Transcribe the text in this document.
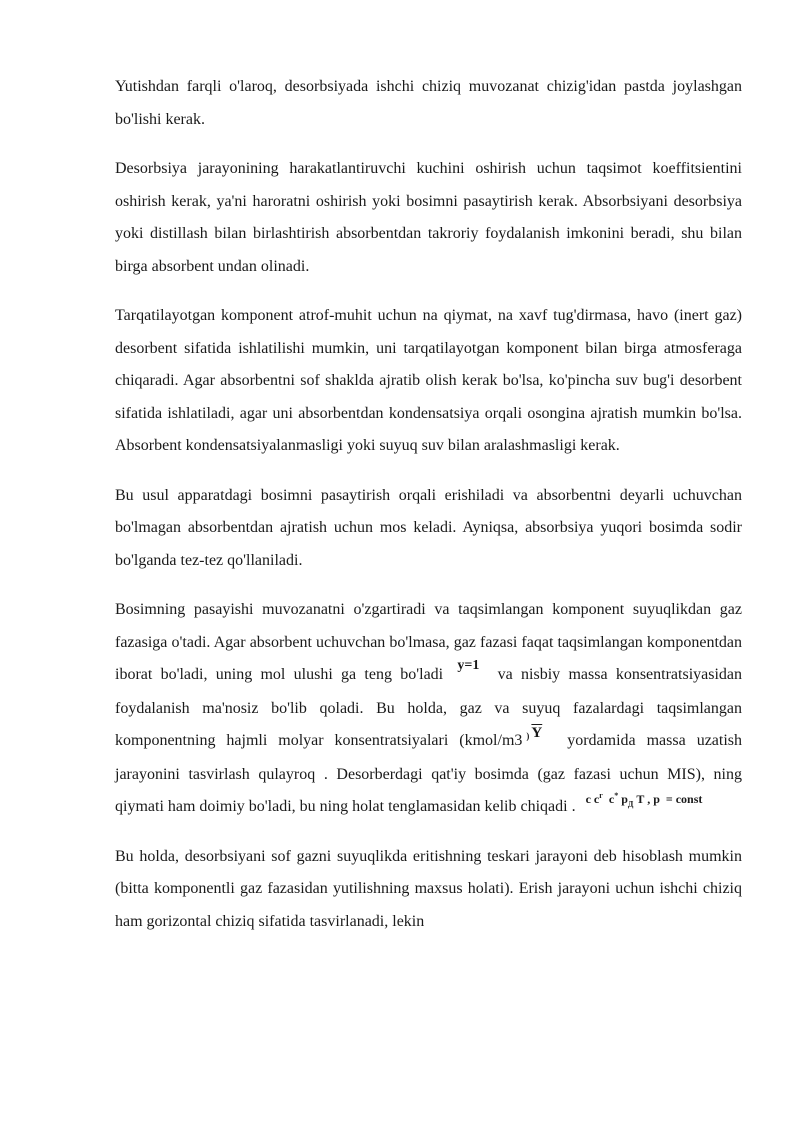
Yutishdan farqli o'laroq, desorbsiyada ishchi chiziq muvozanat chizig'idan pastda joylashgan bo'lishi kerak.

Desorbsiya jarayonining harakatlantiruvchi kuchini oshirish uchun taqsimot koeffitsientini oshirish kerak, ya'ni haroratni oshirish yoki bosimni pasaytirish kerak. Absorbsiyani desorbsiya yoki distillash bilan birlashtirish absorbentdan takroriy foydalanish imkonini beradi, shu bilan birga absorbent undan olinadi.

Tarqatilayotgan komponent atrof-muhit uchun na qiymat, na xavf tug'dirmasa, havo (inert gaz) desorbent sifatida ishlatilishi mumkin, uni tarqatilayotgan komponent bilan birga atmosferaga chiqaradi. Agar absorbentni sof shaklda ajratib olish kerak bo'lsa, ko'pincha suv bug'i desorbent sifatida ishlatiladi, agar uni absorbentdan kondensatsiya orqali osongina ajratish mumkin bo'lsa. Absorbent kondensatsiyalanmasligi yoki suyuq suv bilan aralashmasligi kerak.

Bu usul apparatdagi bosimni pasaytirish orqali erishiladi va absorbentni deyarli uchuvchan bo'lmagan absorbentdan ajratish uchun mos keladi. Ayniqsa, absorbsiya yuqori bosimda sodir bo'lganda tez-tez qo'llaniladi.

Bosimning pasayishi muvozanatni o'zgartiradi va taqsimlangan komponent suyuqlikdan gaz fazasiga o'tadi. Agar absorbent uchuvchan bo'lmasa, gaz fazasi faqat taqsimlangan komponentdan iborat bo'ladi, uning mol ulushi ga teng bo'ladi y=1 va nisbiy massa konsentratsiyasidan foydalanish ma'nosiz bo'lib qoladi. Bu holda, gaz va suyuq fazalardagi taqsimlangan komponentning hajmli molyar konsentratsiyalari (kmol/m3 ) $\overline{Y}$ yordamida massa uzatish jarayonini tasvirlash qulayroq . Desorberdagi qat'iy bosimda (gaz fazasi uchun MIS), ning qiymati ham doimiy bo'ladi, bu ning holat tenglamasidan kelib chiqadi . c $c^г$ c* $p_Д$ T , p = const

Bu holda, desorbsiyani sof gazni suyuqlikda eritishning teskari jarayoni deb hisoblash mumkin (bitta komponentli gaz fazasidan yutilishning maxsus holati). Erish jarayoni uchun ishchi chiziq ham gorizontal chiziq sifatida tasvirlanadi, lekin
